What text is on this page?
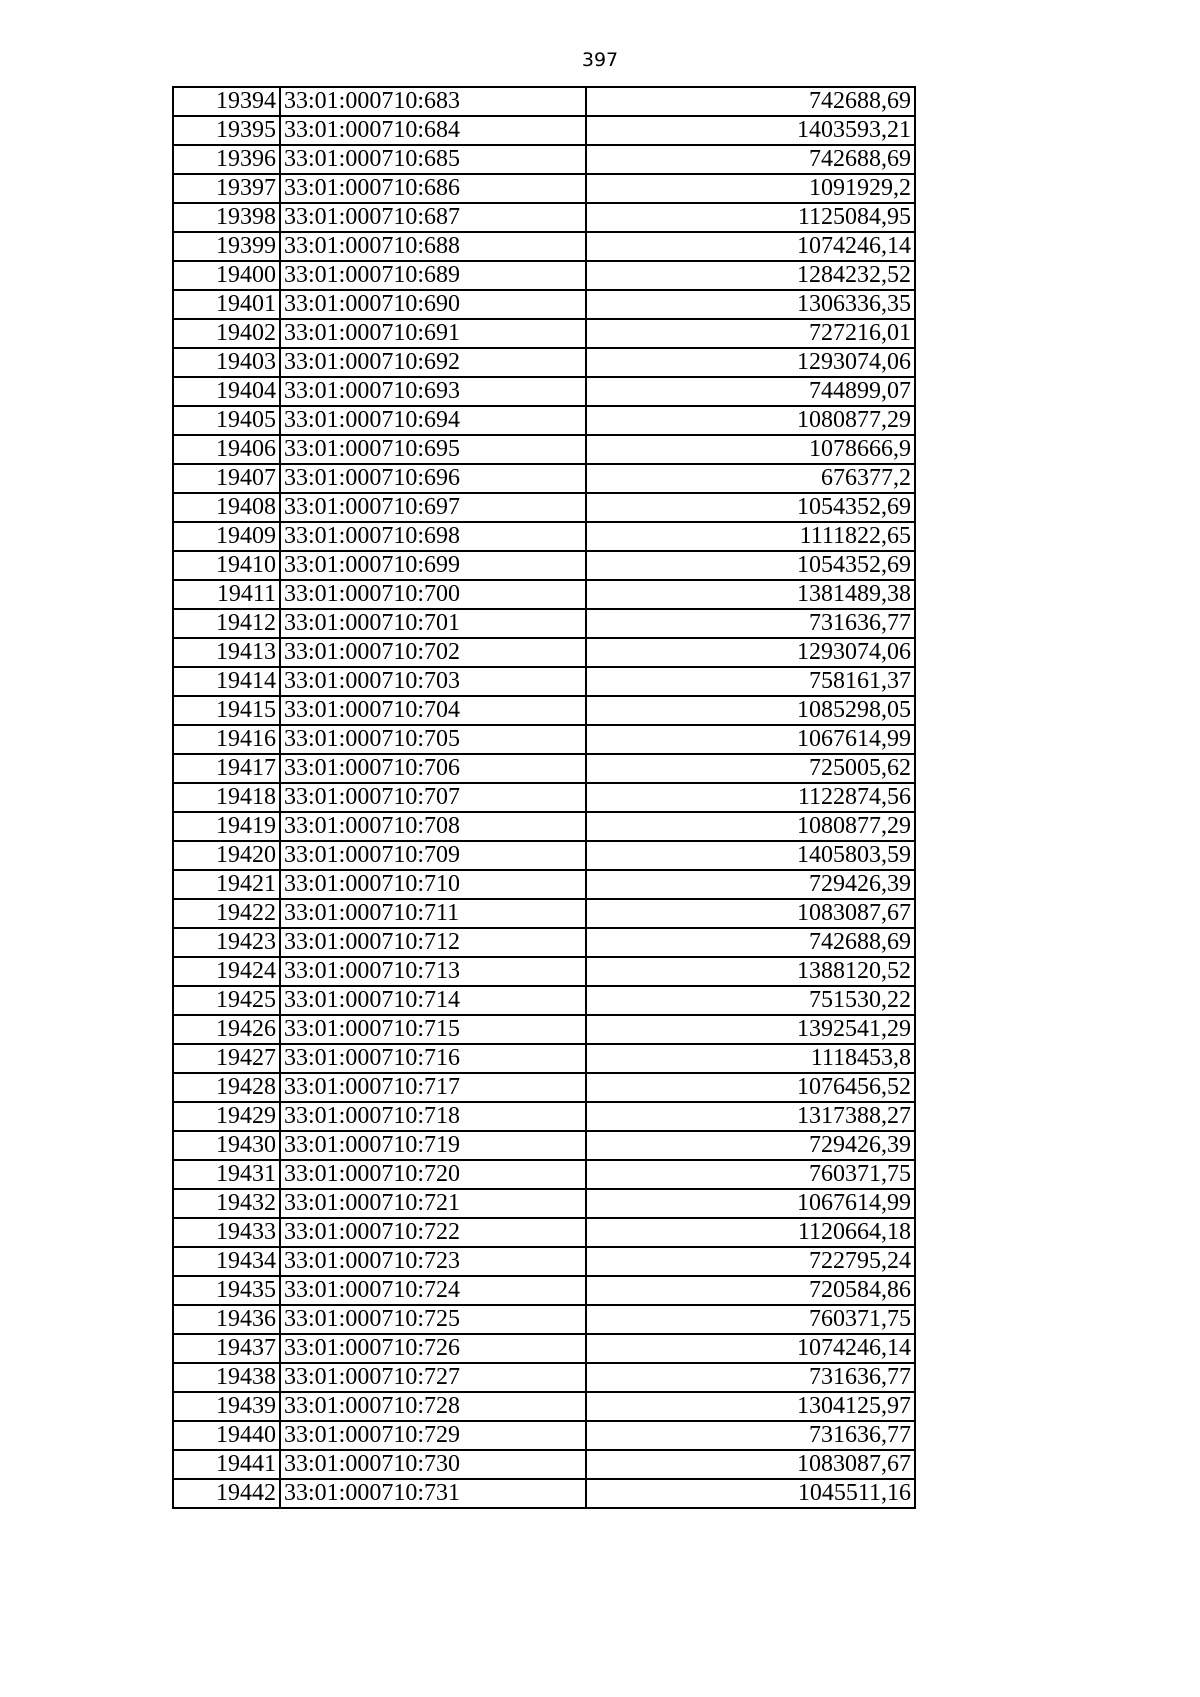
397
19394	33:01:000710:683	742688,69
19395	33:01:000710:684	1403593,21
19396	33:01:000710:685	742688,69
19397	33:01:000710:686	1091929,2
19398	33:01:000710:687	1125084,95
19399	33:01:000710:688	1074246,14
19400	33:01:000710:689	1284232,52
19401	33:01:000710:690	1306336,35
19402	33:01:000710:691	727216,01
19403	33:01:000710:692	1293074,06
19404	33:01:000710:693	744899,07
19405	33:01:000710:694	1080877,29
19406	33:01:000710:695	1078666,9
19407	33:01:000710:696	676377,2
19408	33:01:000710:697	1054352,69
19409	33:01:000710:698	1111822,65
19410	33:01:000710:699	1054352,69
19411	33:01:000710:700	1381489,38
19412	33:01:000710:701	731636,77
19413	33:01:000710:702	1293074,06
19414	33:01:000710:703	758161,37
19415	33:01:000710:704	1085298,05
19416	33:01:000710:705	1067614,99
19417	33:01:000710:706	725005,62
19418	33:01:000710:707	1122874,56
19419	33:01:000710:708	1080877,29
19420	33:01:000710:709	1405803,59
19421	33:01:000710:710	729426,39
19422	33:01:000710:711	1083087,67
19423	33:01:000710:712	742688,69
19424	33:01:000710:713	1388120,52
19425	33:01:000710:714	751530,22
19426	33:01:000710:715	1392541,29
19427	33:01:000710:716	1118453,8
19428	33:01:000710:717	1076456,52
19429	33:01:000710:718	1317388,27
19430	33:01:000710:719	729426,39
19431	33:01:000710:720	760371,75
19432	33:01:000710:721	1067614,99
19433	33:01:000710:722	1120664,18
19434	33:01:000710:723	722795,24
19435	33:01:000710:724	720584,86
19436	33:01:000710:725	760371,75
19437	33:01:000710:726	1074246,14
19438	33:01:000710:727	731636,77
19439	33:01:000710:728	1304125,97
19440	33:01:000710:729	731636,77
19441	33:01:000710:730	1083087,67
19442	33:01:000710:731	1045511,16
